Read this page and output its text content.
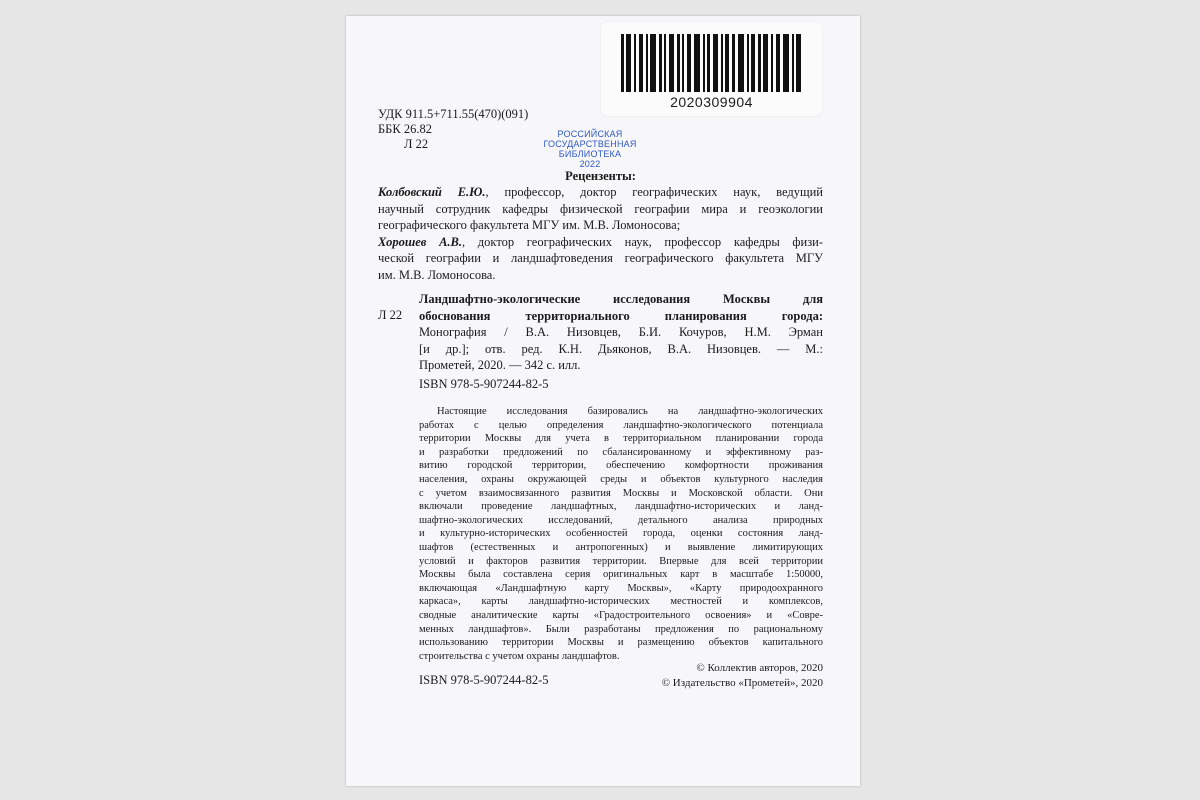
2020309904
РОССИЙСКАЯ
ГОСУДАРСТВЕННАЯ
БИБЛИОТЕКА
2022
УДК 911.5+711.55(470)(091)
ББК 26.82
Л 22
Рецензенты:
Колбовский Е.Ю., профессор, доктор географических наук, ведущий
научный сотрудник кафедры физической географии мира и геоэкологии
географического факультета МГУ им. М.В. Ломоносова;
Хорошев А.В., доктор географических наук, профессор кафедры физи-
ческой географии и ландшафтоведения географического факультета МГУ
им. М.В. Ломоносова.
Л 22
Ландшафтно-экологические исследования Москвы для
обоснования территориального планирования города:
Монография / В.А. Низовцев, Б.И. Кочуров, Н.М. Эрман
[и др.]; отв. ред. К.Н. Дьяконов, В.А. Низовцев. — М.:
Прометей, 2020. — 342 с. илл.
ISBN 978-5-907244-82-5
Настоящие исследования базировались на ландшафтно-экологических
работах с целью определения ландшафтно-экологического потенциала
территории Москвы для учета в территориальном планировании города
и разработки предложений по сбалансированному и эффективному раз-
витию городской территории, обеспечению комфортности проживания
населения, охраны окружающей среды и объектов культурного наследия
с учетом взаимосвязанного развития Москвы и Московской области. Они
включали проведение ландшафтных, ландшафтно-исторических и ланд-
шафтно-экологических исследований, детального анализа природных
и культурно-исторических особенностей города, оценки состояния ланд-
шафтов (естественных и антропогенных) и выявление лимитирующих
условий и факторов развития территории. Впервые для всей территории
Москвы была составлена серия оригинальных карт в масштабе 1:50000,
включающая «Ландшафтную карту Москвы», «Карту природоохранного
каркаса», карты ландшафтно-исторических местностей и комплексов,
сводные аналитические карты «Градостроительного освоения» и «Совре-
менных ландшафтов». Были разработаны предложения по рациональному
использованию территории Москвы и размещению объектов капитального
строительства с учетом охраны ландшафтов.
© Коллектив авторов, 2020
© Издательство «Прометей», 2020
ISBN 978-5-907244-82-5
